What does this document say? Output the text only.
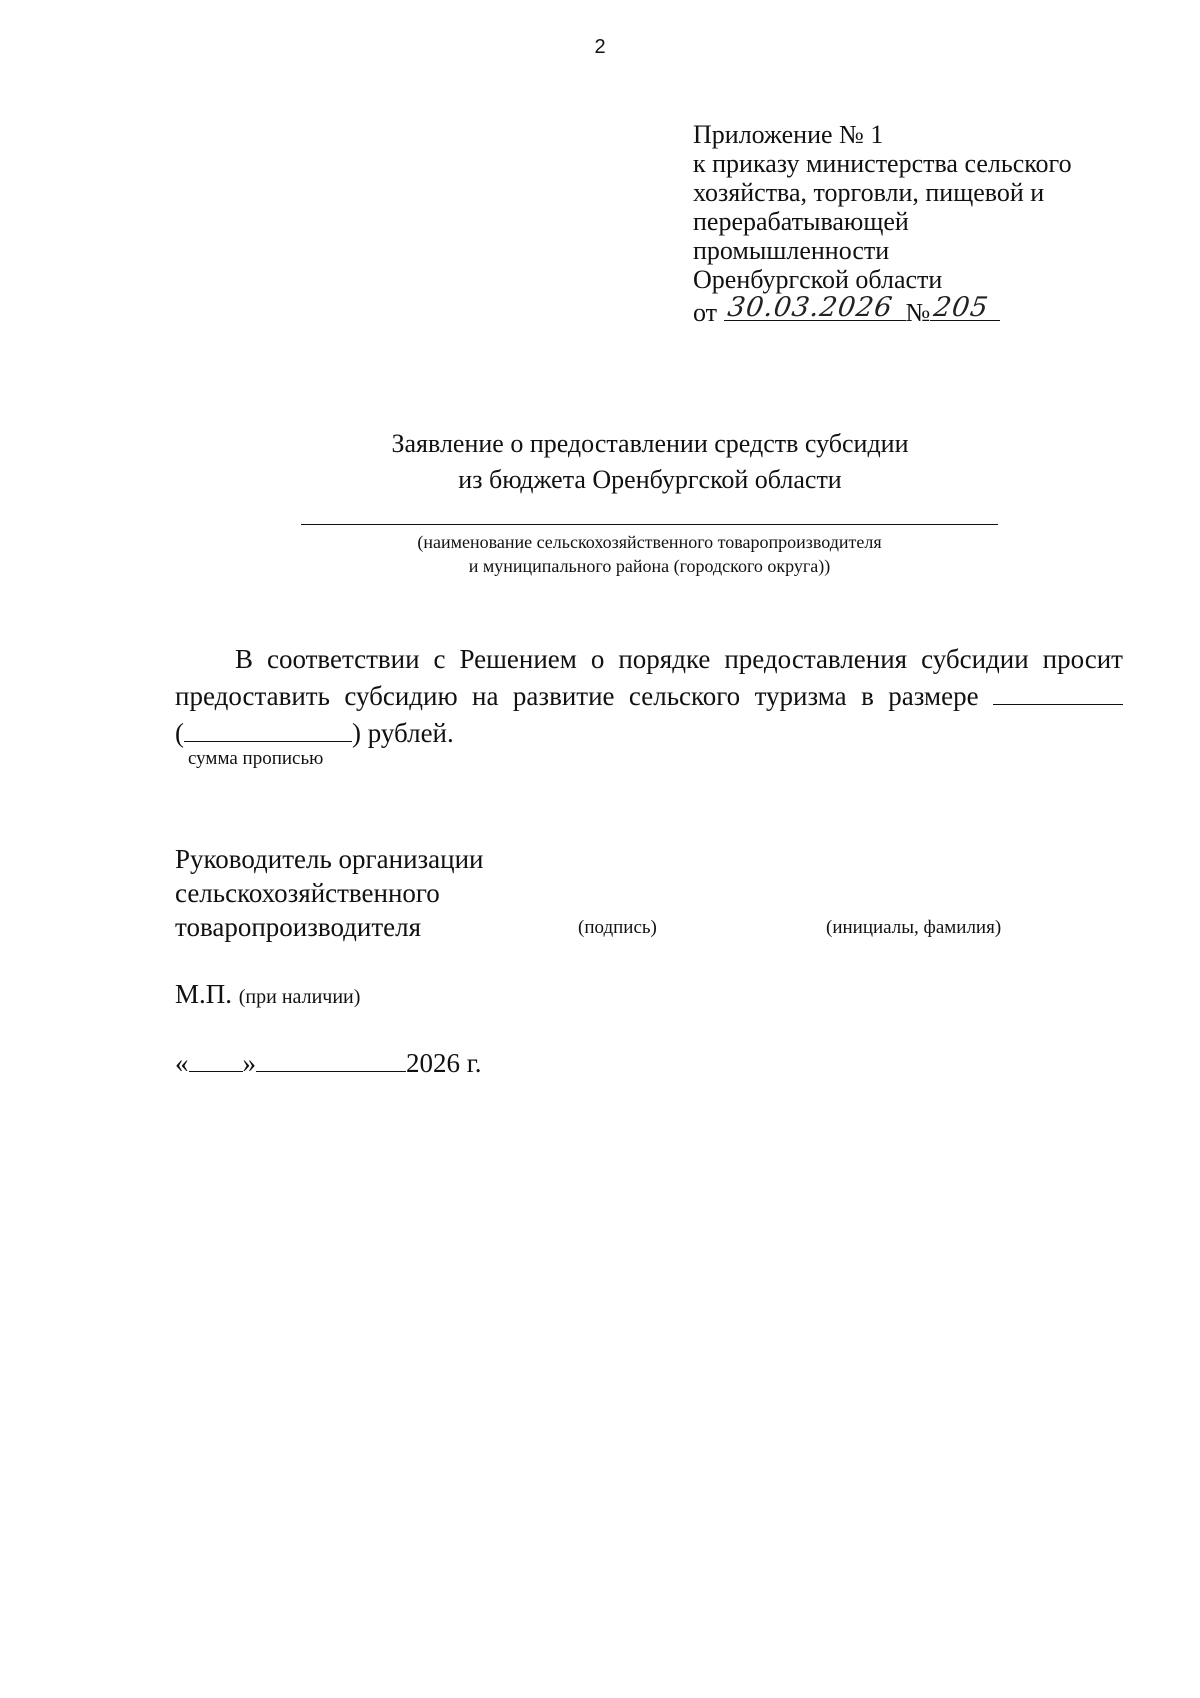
2
Приложение № 1
к приказу министерства сельского
хозяйства, торговли, пищевой и
перерабатывающей
промышленности
Оренбургской области
от 30.03.2026 № 205
Заявление о предоставлении средств субсидии
из бюджета Оренбургской области
(наименование сельскохозяйственного товаропроизводителя
и муниципального района (городского округа))
В соответствии с Решением о порядке предоставления субсидии просит
предоставить субсидию на развитие сельского туризма в размере
(	) рублей.
сумма прописью
Руководитель организации
сельскохозяйственного
товаропроизводителя	(подпись)	(инициалы, фамилия)
М.П. (при наличии)
« »	2026 г.
